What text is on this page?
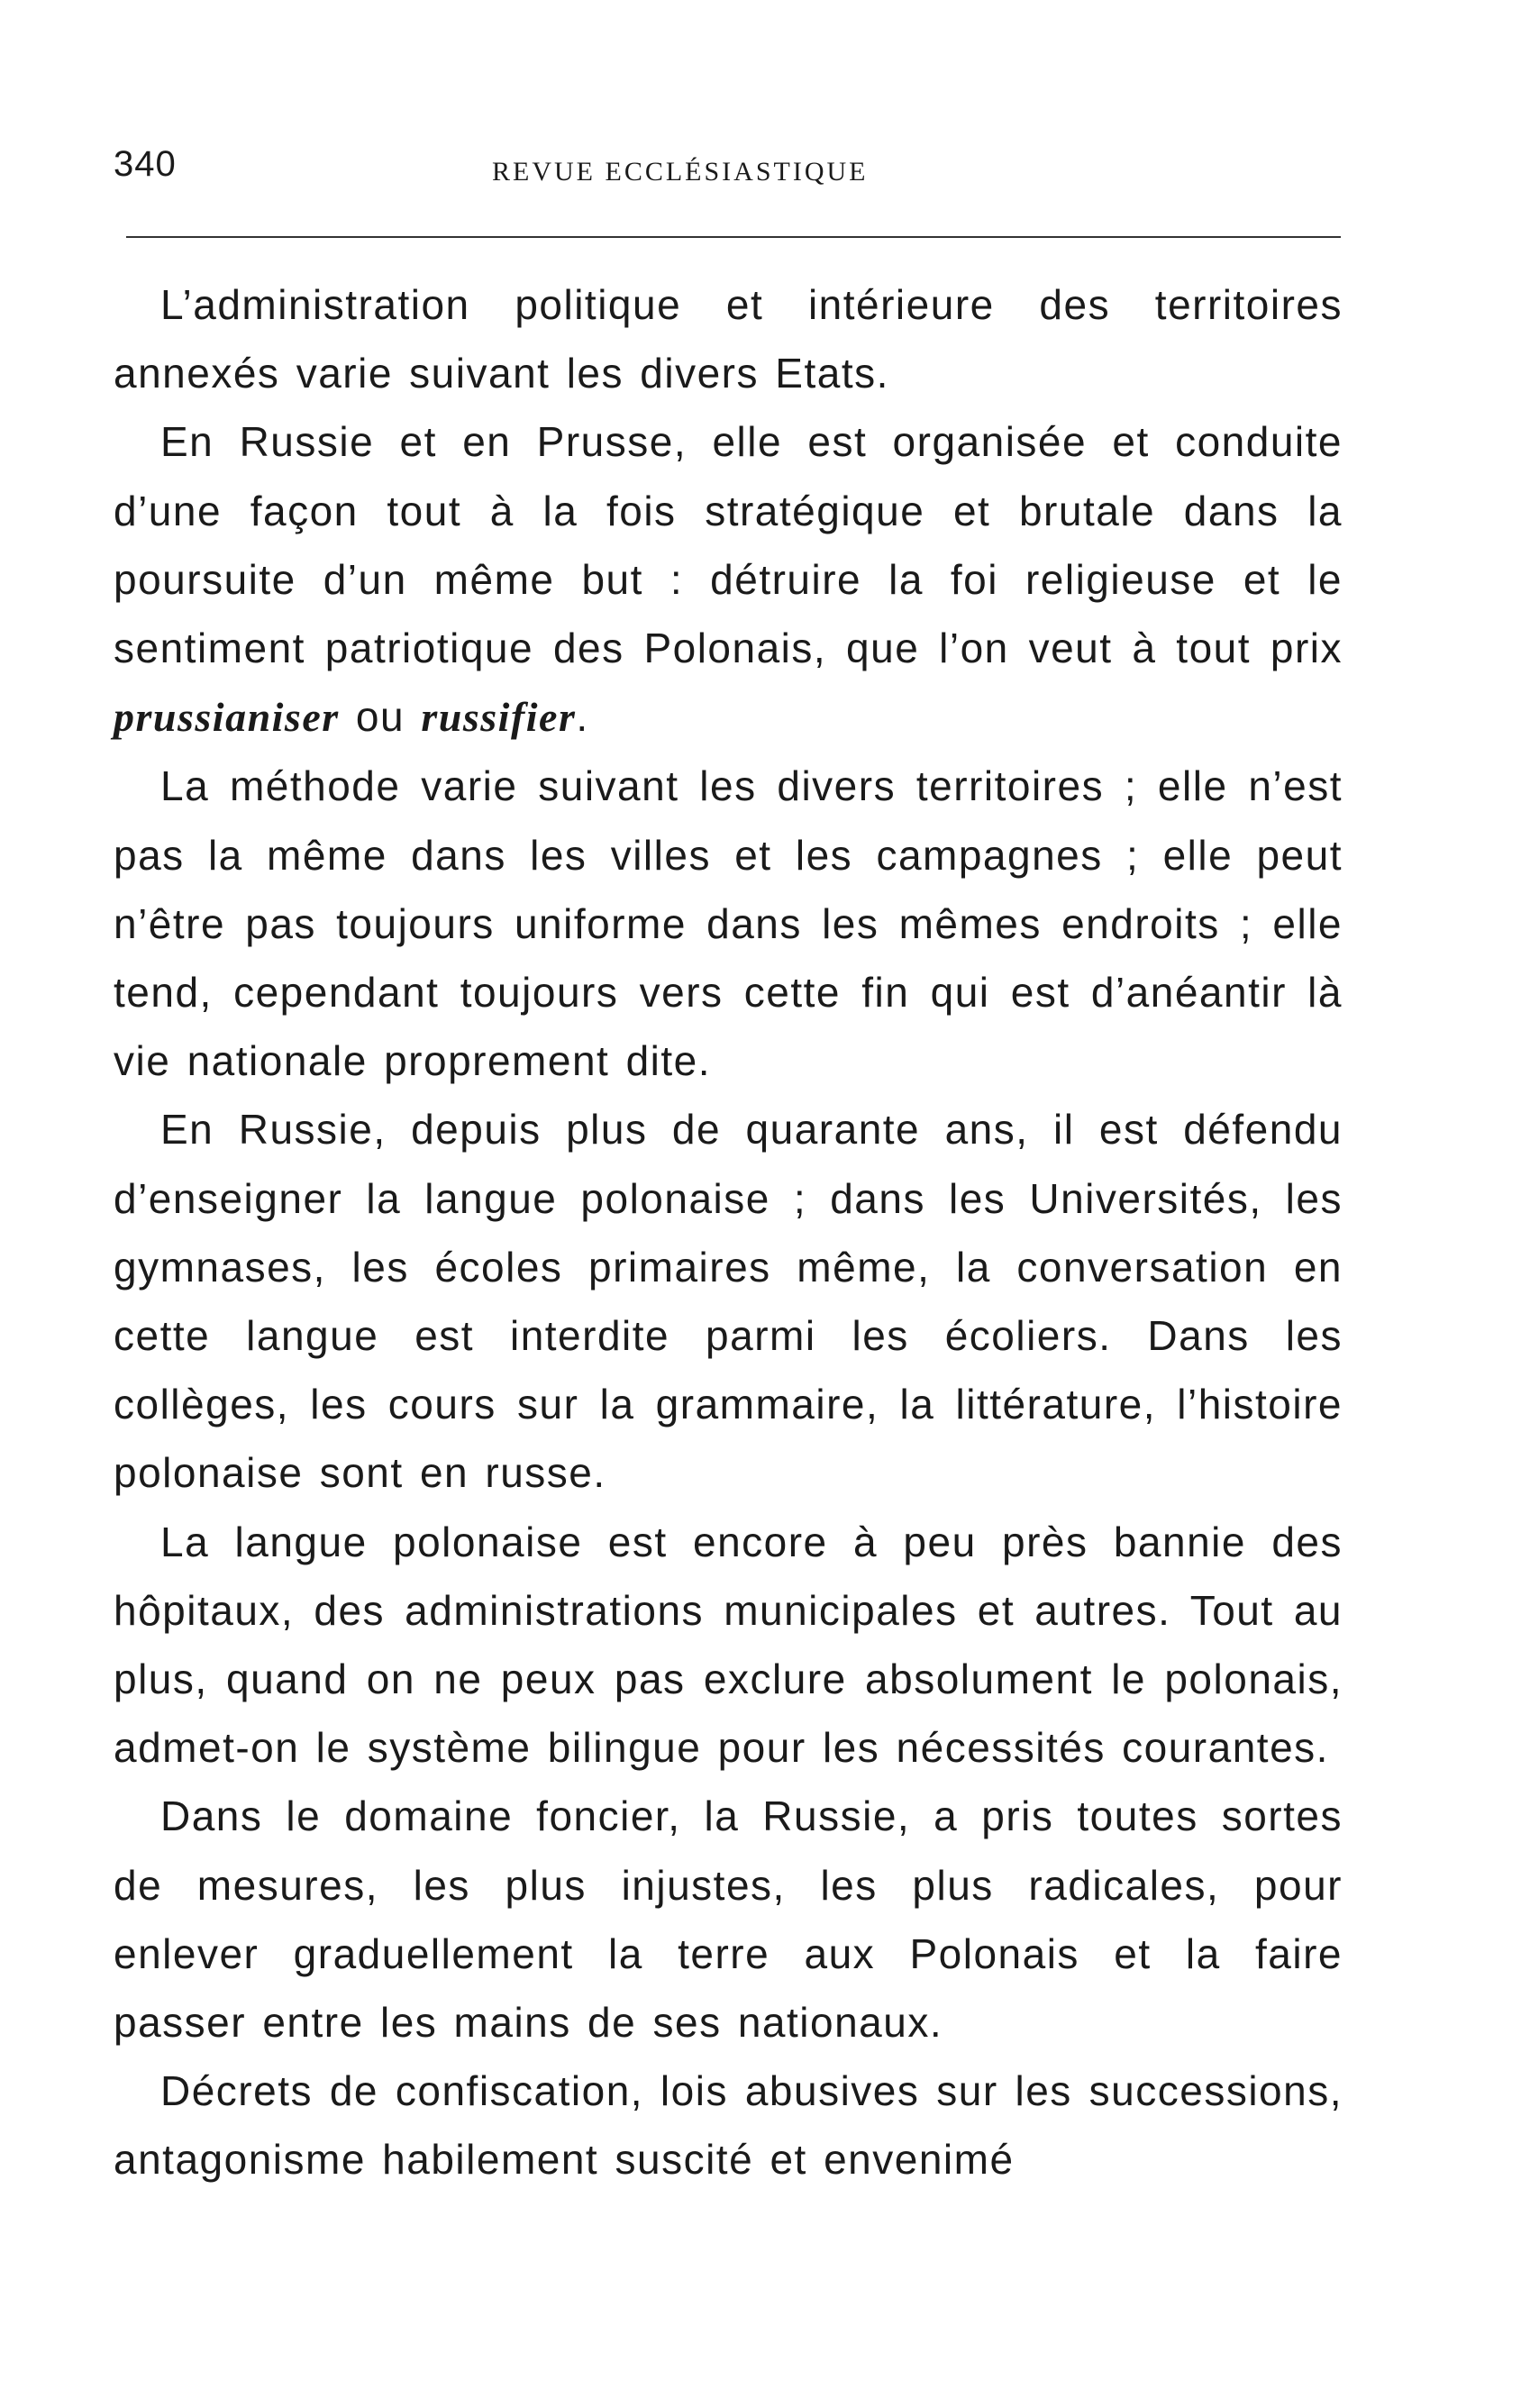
340	REVUE ECCLÉSIASTIQUE

L’administration politique et intérieure des territoires annexés varie suivant les divers Etats.

En Russie et en Prusse, elle est organisée et conduite d’une façon tout à la fois stratégique et brutale dans la poursuite d’un même but : détruire la foi religieuse et le sentiment patriotique des Polonais, que l’on veut à tout prix prussianiser ou russifier.

La méthode varie suivant les divers territoires ; elle n’est pas la même dans les villes et les campagnes ; elle peut n’être pas toujours uniforme dans les mêmes endroits ; elle tend, cependant toujours vers cette fin qui est d’anéantir là vie nationale proprement dite.

En Russie, depuis plus de quarante ans, il est défendu d’enseigner la langue polonaise ; dans les Universités, les gymnases, les écoles primaires même, la conversation en cette langue est interdite parmi les écoliers. Dans les collèges, les cours sur la grammaire, la littérature, l’histoire polonaise sont en russe.

La langue polonaise est encore à peu près bannie des hôpitaux, des administrations municipales et autres. Tout au plus, quand on ne peux pas exclure absolument le polonais, admet-on le système bilingue pour les nécessités courantes.

Dans le domaine foncier, la Russie, a pris toutes sortes de mesures, les plus injustes, les plus radicales, pour enlever graduellement la terre aux Polonais et la faire passer entre les mains de ses nationaux.

Décrets de confiscation, lois abusives sur les successions, antagonisme habilement suscité et envenimé
